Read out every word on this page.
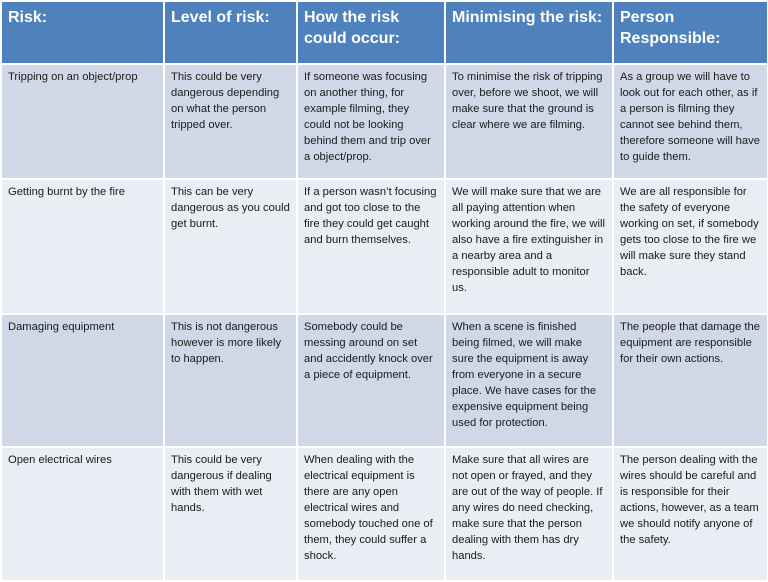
Risk:	Level of risk:	How the risk could occur:	Minimising the risk:	Person Responsible:
Tripping on an object/prop	This could be very dangerous depending on what the person tripped over.	If someone was focusing on another thing, for example filming, they could not be looking behind them and trip over a object/prop.	To minimise the risk of tripping over, before we shoot, we will make sure that the ground is clear where we are filming.	As a group we will have to look out for each other, as if a person is filming they cannot see behind them, therefore someone will have to guide them.
Getting burnt by the fire	This can be very dangerous as you could get burnt.	If a person wasn’t focusing and got too close to the fire they could get caught and burn themselves.	We will make sure that we are all paying attention when working around the fire, we will also have a fire extinguisher in a nearby area and a responsible adult to monitor us.	We are all responsible for the safety of everyone working on set, if somebody gets too close to the fire we will make sure they stand back.
Damaging equipment	This is not dangerous however is more likely to happen.	Somebody could be messing around on set and accidently knock over a piece of equipment.	When a scene is finished being filmed, we will make sure the equipment is away from everyone in a secure place. We have cases for the expensive equipment being used for protection.	The people that damage the equipment are responsible for their own actions.
Open electrical wires	This could be very dangerous if dealing with them with wet hands.	When dealing with the electrical equipment is there are any open electrical wires and somebody touched one of them, they could suffer a shock.	Make sure that all wires are not open or frayed, and they are out of the way of people. If any wires do need checking, make sure that the person dealing with them has dry hands.	The person dealing with the wires should be careful and is responsible for their actions, however, as a team we should notify anyone of the safety.
